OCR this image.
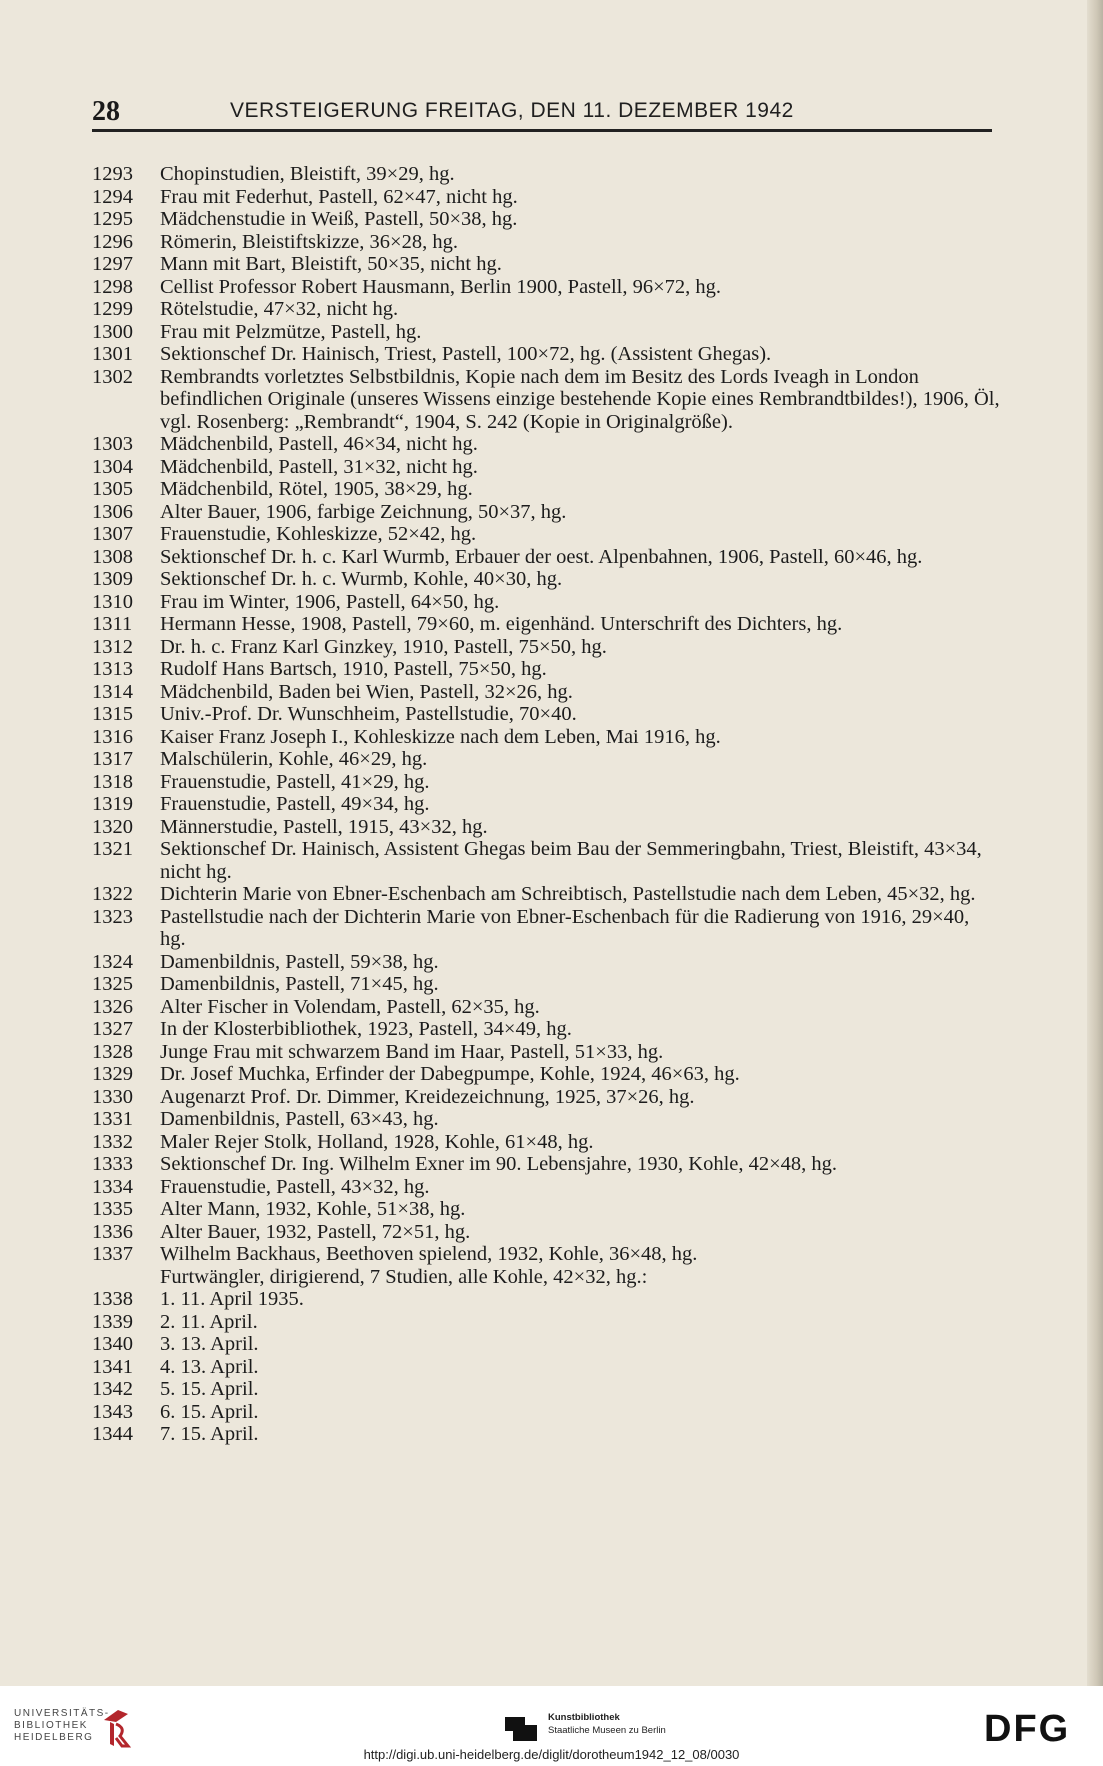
28	VERSTEIGERUNG FREITAG, DEN 11. DEZEMBER 1942
1293	Chopinstudien, Bleistift, 39×29, hg.
1294	Frau mit Federhut, Pastell, 62×47, nicht hg.
1295	Mädchenstudie in Weiß, Pastell, 50×38, hg.
1296	Römerin, Bleistiftskizze, 36×28, hg.
1297	Mann mit Bart, Bleistift, 50×35, nicht hg.
1298	Cellist Professor Robert Hausmann, Berlin 1900, Pastell, 96×72, hg.
1299	Rötelstudie, 47×32, nicht hg.
1300	Frau mit Pelzmütze, Pastell, hg.
1301	Sektionschef Dr. Hainisch, Triest, Pastell, 100×72, hg. (Assistent Ghegas).
1302	Rembrandts vorletztes Selbstbildnis, Kopie nach dem im Besitz des Lords Iveagh in London befindlichen Originale (unseres Wissens einzige bestehende Kopie eines Rembrandtbildes!), 1906, Öl, vgl. Rosenberg: „Rembrandt“, 1904, S. 242 (Kopie in Originalgröße).
1303	Mädchenbild, Pastell, 46×34, nicht hg.
1304	Mädchenbild, Pastell, 31×32, nicht hg.
1305	Mädchenbild, Rötel, 1905, 38×29, hg.
1306	Alter Bauer, 1906, farbige Zeichnung, 50×37, hg.
1307	Frauenstudie, Kohleskizze, 52×42, hg.
1308	Sektionschef Dr. h. c. Karl Wurmb, Erbauer der oest. Alpenbahnen, 1906, Pastell, 60×46, hg.
1309	Sektionschef Dr. h. c. Wurmb, Kohle, 40×30, hg.
1310	Frau im Winter, 1906, Pastell, 64×50, hg.
1311	Hermann Hesse, 1908, Pastell, 79×60, m. eigenhänd. Unterschrift des Dichters, hg.
1312	Dr. h. c. Franz Karl Ginzkey, 1910, Pastell, 75×50, hg.
1313	Rudolf Hans Bartsch, 1910, Pastell, 75×50, hg.
1314	Mädchenbild, Baden bei Wien, Pastell, 32×26, hg.
1315	Univ.-Prof. Dr. Wunschheim, Pastellstudie, 70×40.
1316	Kaiser Franz Joseph I., Kohleskizze nach dem Leben, Mai 1916, hg.
1317	Malschülerin, Kohle, 46×29, hg.
1318	Frauenstudie, Pastell, 41×29, hg.
1319	Frauenstudie, Pastell, 49×34, hg.
1320	Männerstudie, Pastell, 1915, 43×32, hg.
1321	Sektionschef Dr. Hainisch, Assistent Ghegas beim Bau der Semmeringbahn, Triest, Bleistift, 43×34, nicht hg.
1322	Dichterin Marie von Ebner-Eschenbach am Schreibtisch, Pastellstudie nach dem Leben, 45×32, hg.
1323	Pastellstudie nach der Dichterin Marie von Ebner-Eschenbach für die Radierung von 1916, 29×40, hg.
1324	Damenbildnis, Pastell, 59×38, hg.
1325	Damenbildnis, Pastell, 71×45, hg.
1326	Alter Fischer in Volendam, Pastell, 62×35, hg.
1327	In der Klosterbibliothek, 1923, Pastell, 34×49, hg.
1328	Junge Frau mit schwarzem Band im Haar, Pastell, 51×33, hg.
1329	Dr. Josef Muchka, Erfinder der Dabegpumpe, Kohle, 1924, 46×63, hg.
1330	Augenarzt Prof. Dr. Dimmer, Kreidezeichnung, 1925, 37×26, hg.
1331	Damenbildnis, Pastell, 63×43, hg.
1332	Maler Rejer Stolk, Holland, 1928, Kohle, 61×48, hg.
1333	Sektionschef Dr. Ing. Wilhelm Exner im 90. Lebensjahre, 1930, Kohle, 42×48, hg.
1334	Frauenstudie, Pastell, 43×32, hg.
1335	Alter Mann, 1932, Kohle, 51×38, hg.
1336	Alter Bauer, 1932, Pastell, 72×51, hg.
1337	Wilhelm Backhaus, Beethoven spielend, 1932, Kohle, 36×48, hg.
Furtwängler, dirigierend, 7 Studien, alle Kohle, 42×32, hg.:
1338	1. 11. April 1935.
1339	2. 11. April.
1340	3. 13. April.
1341	4. 13. April.
1342	5. 15. April.
1343	6. 15. April.
1344	7. 15. April.
UNIVERSITÄTS-
BIBLIOTHEK
HEIDELBERG
Kunstbibliothek
Staatliche Museen zu Berlin	DFG
http://digi.ub.uni-heidelberg.de/diglit/dorotheum1942_12_08/0030
